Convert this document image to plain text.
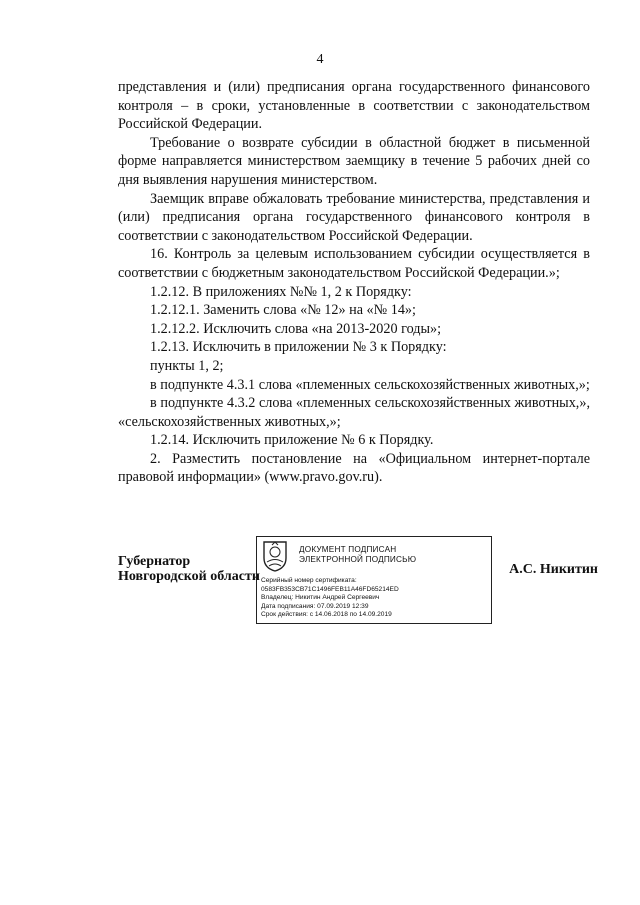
4

представления и (или) предписания органа государственного финансового контроля – в сроки, установленные в соответствии с законодательством Российской Федерации.

Требование о возврате субсидии в областной бюджет в письменной форме направляется министерством заемщику в течение 5 рабочих дней со дня выявления нарушения министерством.

Заемщик вправе обжаловать требование министерства, представления и (или) предписания органа государственного финансового контроля в соответствии с законодательством Российской Федерации.

16. Контроль за целевым использованием субсидии осуществляется в соответствии с бюджетным законодательством Российской Федерации.»;

1.2.12. В приложениях №№ 1, 2 к Порядку:

1.2.12.1. Заменить слова «№ 12» на «№ 14»;

1.2.12.2. Исключить слова «на 2013-2020 годы»;

1.2.13. Исключить в приложении № 3 к Порядку:

пункты 1, 2;

в подпункте 4.3.1 слова «племенных сельскохозяйственных животных,»;

в подпункте 4.3.2 слова «племенных сельскохозяйственных животных,», «сельскохозяйственных животных,»;

1.2.14. Исключить приложение № 6 к Порядку.

2. Разместить постановление на «Официальном интернет-портале правовой информации» (www.pravo.gov.ru).

Губернатор
Новгородской области
ДОКУМЕНТ ПОДПИСАН
ЭЛЕКТРОННОЙ ПОДПИСЬЮ
Серийный номер сертификата:
0583FB353CB71C1496FEB11A46FD65214ED
Владелец: Никитин Андрей Сергеевич
Дата подписания: 07.09.2019 12:39
Срок действия: с 14.06.2018 по 14.09.2019
А.С. Никитин
